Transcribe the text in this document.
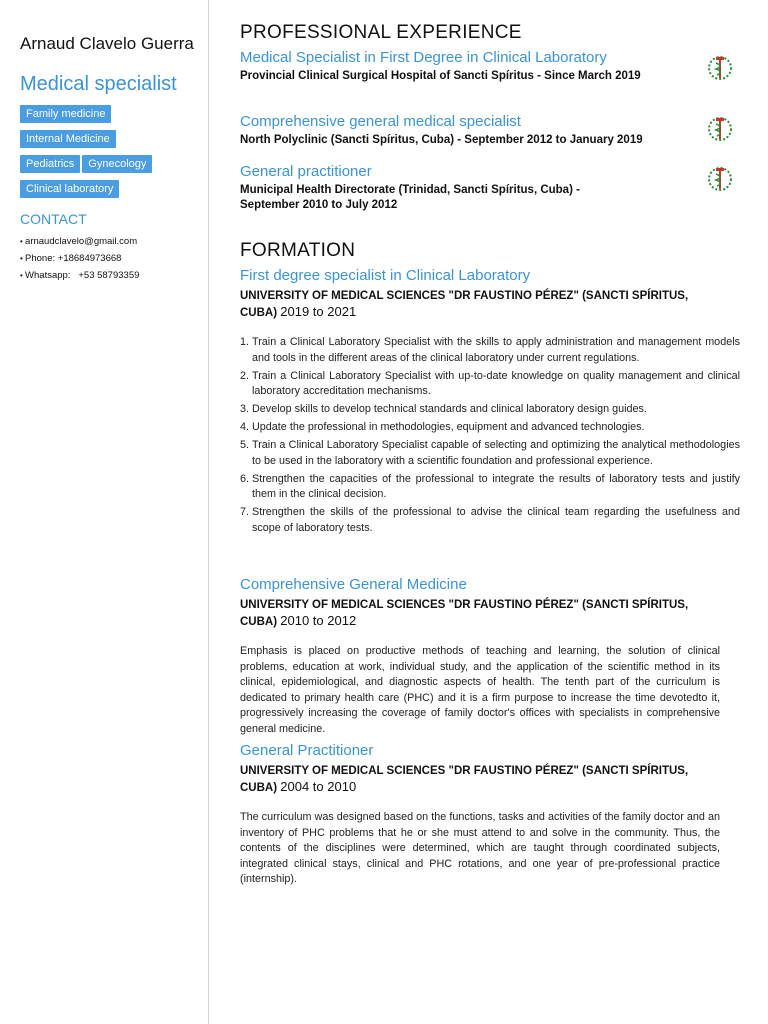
Arnaud Clavelo Guerra
Medical specialist
Family medicine
Internal Medicine
Pediatrics Gynecology
Clinical laboratory
CONTACT
• arnaudclavelo@gmail.com
• Phone: +18684973668
• Whatsapp:   +53 58793359
PROFESSIONAL EXPERIENCE
Medical Specialist in First Degree in Clinical Laboratory
Provincial Clinical Surgical Hospital of Sancti Spíritus - Since March 2019
Comprehensive general medical specialist
North Polyclinic (Sancti Spíritus, Cuba) - September 2012 to January 2019
General practitioner
Municipal Health Directorate (Trinidad, Sancti Spíritus, Cuba) - September 2010 to July 2012
FORMATION
First degree specialist in Clinical Laboratory
UNIVERSITY OF MEDICAL SCIENCES "DR FAUSTINO PÉREZ" (SANCTI SPÍRITUS, CUBA) 2019 to 2021
1. Train a Clinical Laboratory Specialist with the skills to apply administration and management models and tools in the different areas of the clinical laboratory under current regulations.
2. Train a Clinical Laboratory Specialist with up-to-date knowledge on quality management and clinical laboratory accreditation mechanisms.
3. Develop skills to develop technical standards and clinical laboratory design guides.
4. Update the professional in methodologies, equipment and advanced technologies.
5. Train a Clinical Laboratory Specialist capable of selecting and optimizing the analytical methodologies to be used in the laboratory with a scientific foundation and professional experience.
6. Strengthen the capacities of the professional to integrate the results of laboratory tests and justify them in the clinical decision.
7. Strengthen the skills of the professional to advise the clinical team regarding the usefulness and scope of laboratory tests.
Comprehensive General Medicine
UNIVERSITY OF MEDICAL SCIENCES "DR FAUSTINO PÉREZ" (SANCTI SPÍRITUS, CUBA) 2010 to 2012
Emphasis is placed on productive methods of teaching and learning, the solution of clinical problems, education at work, individual study, and the application of the scientific method in its clinical, epidemiological, and diagnostic aspects of health. The tenth part of the curriculum is dedicated to primary health care (PHC) and it is a firm purpose to increase the time devotedto it, progressively increasing the coverage of family doctor's offices with specialists in comprehensive general medicine.
General Practitioner
UNIVERSITY OF MEDICAL SCIENCES "DR FAUSTINO PÉREZ" (SANCTI SPÍRITUS, CUBA) 2004 to 2010
The curriculum was designed based on the functions, tasks and activities of the family doctor and an inventory of PHC problems that he or she must attend to and solve in the community. Thus, the contents of the disciplines were determined, which are taught through coordinated subjects, integrated clinical stays, clinical and PHC rotations, and one year of pre-professional practice (internship).
